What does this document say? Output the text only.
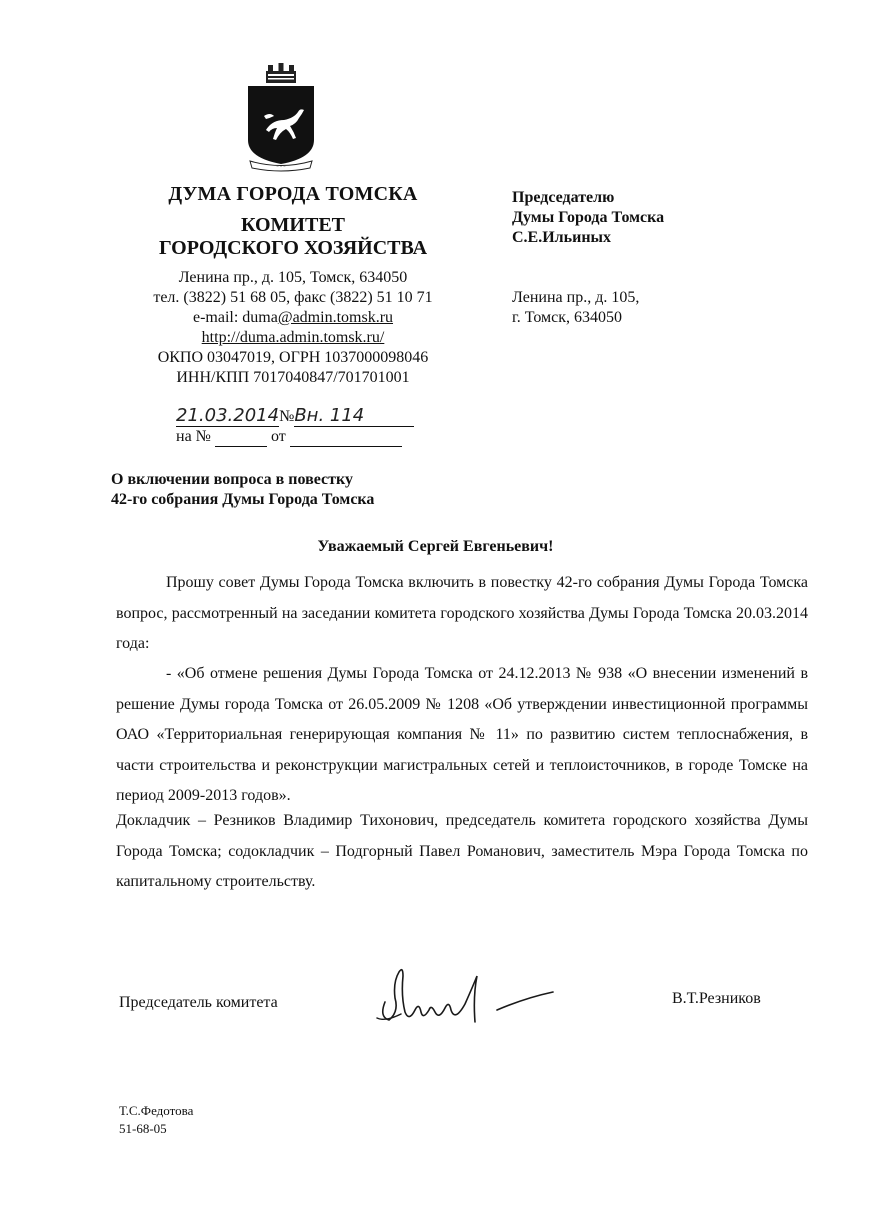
~ ~ ~
ДУМА ГОРОДА ТОМСКА
КОМИТЕТ
ГОРОДСКОГО ХОЗЯЙСТВА
Ленина пр., д. 105, Томск, 634050
тел. (3822) 51 68 05, факс (3822) 51 10 71
e-mail: duma@admin.tomsk.ru
http://duma.admin.tomsk.ru/
ОКПО 03047019, ОГРН 1037000098046
ИНН/КПП 7017040847/701701001
21.03.2014№Вн. 114
на №	от
Председателю
Думы Города Томска
С.Е.Ильиных
Ленина пр., д. 105,
г. Томск, 634050
О включении вопроса в повестку
42-го собрания Думы Города Томска
Уважаемый Сергей Евгеньевич!
Прошу совет Думы Города Томска включить в повестку 42-го собрания Думы Города Томска вопрос, рассмотренный на заседании комитета городского хозяйства Думы Города Томска 20.03.2014 года:
- «Об отмене решения Думы Города Томска от 24.12.2013 № 938 «О внесении изменений в решение Думы города Томска от 26.05.2009 № 1208 «Об утверждении инвестиционной программы ОАО «Территориальная генерирующая компания № 11» по развитию систем теплоснабжения, в части строительства и реконструкции магистральных сетей и теплоисточников, в городе Томске на период 2009-2013 годов».
Докладчик – Резников Владимир Тихонович, председатель комитета городского хозяйства Думы Города Томска; содокладчик – Подгорный Павел Романович, заместитель Мэра Города Томска по капитальному строительству.
Председатель комитета	В.Т.Резников
Т.С.Федотова
51-68-05
